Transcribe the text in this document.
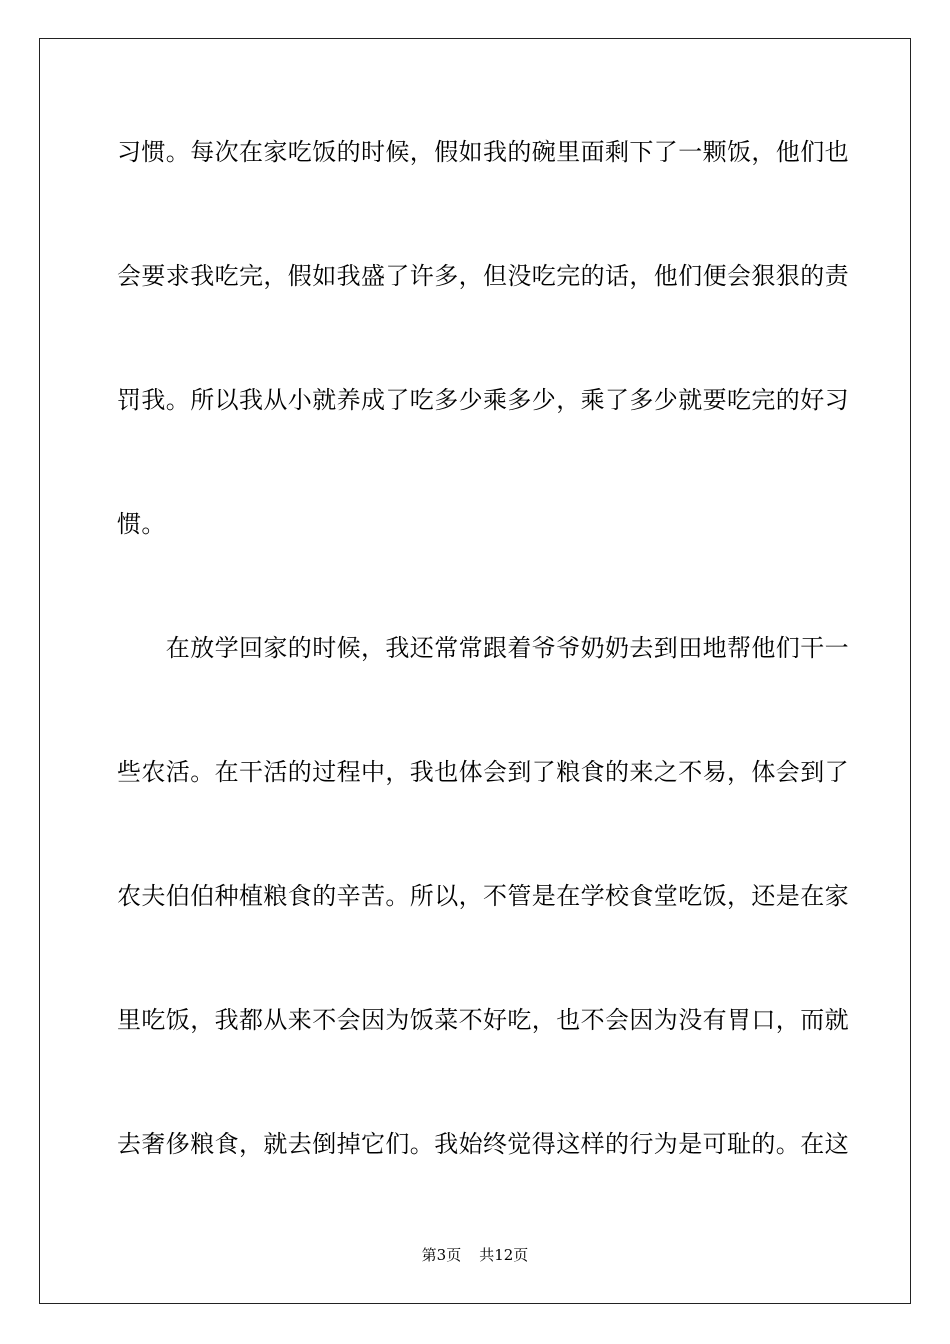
习惯。每次在家吃饭的时候，假如我的碗里面剩下了一颗饭，他们也
会要求我吃完，假如我盛了许多，但没吃完的话，他们便会狠狠的责
罚我。所以我从小就养成了吃多少乘多少，乘了多少就要吃完的好习
惯。
　　在放学回家的时候，我还常常跟着爷爷奶奶去到田地帮他们干一
些农活。在干活的过程中，我也体会到了粮食的来之不易，体会到了
农夫伯伯种植粮食的辛苦。所以，不管是在学校食堂吃饭，还是在家
里吃饭，我都从来不会因为饭菜不好吃，也不会因为没有胃口，而就
去奢侈粮食，就去倒掉它们。我始终觉得这样的行为是可耻的。在这
第3页 共12页
